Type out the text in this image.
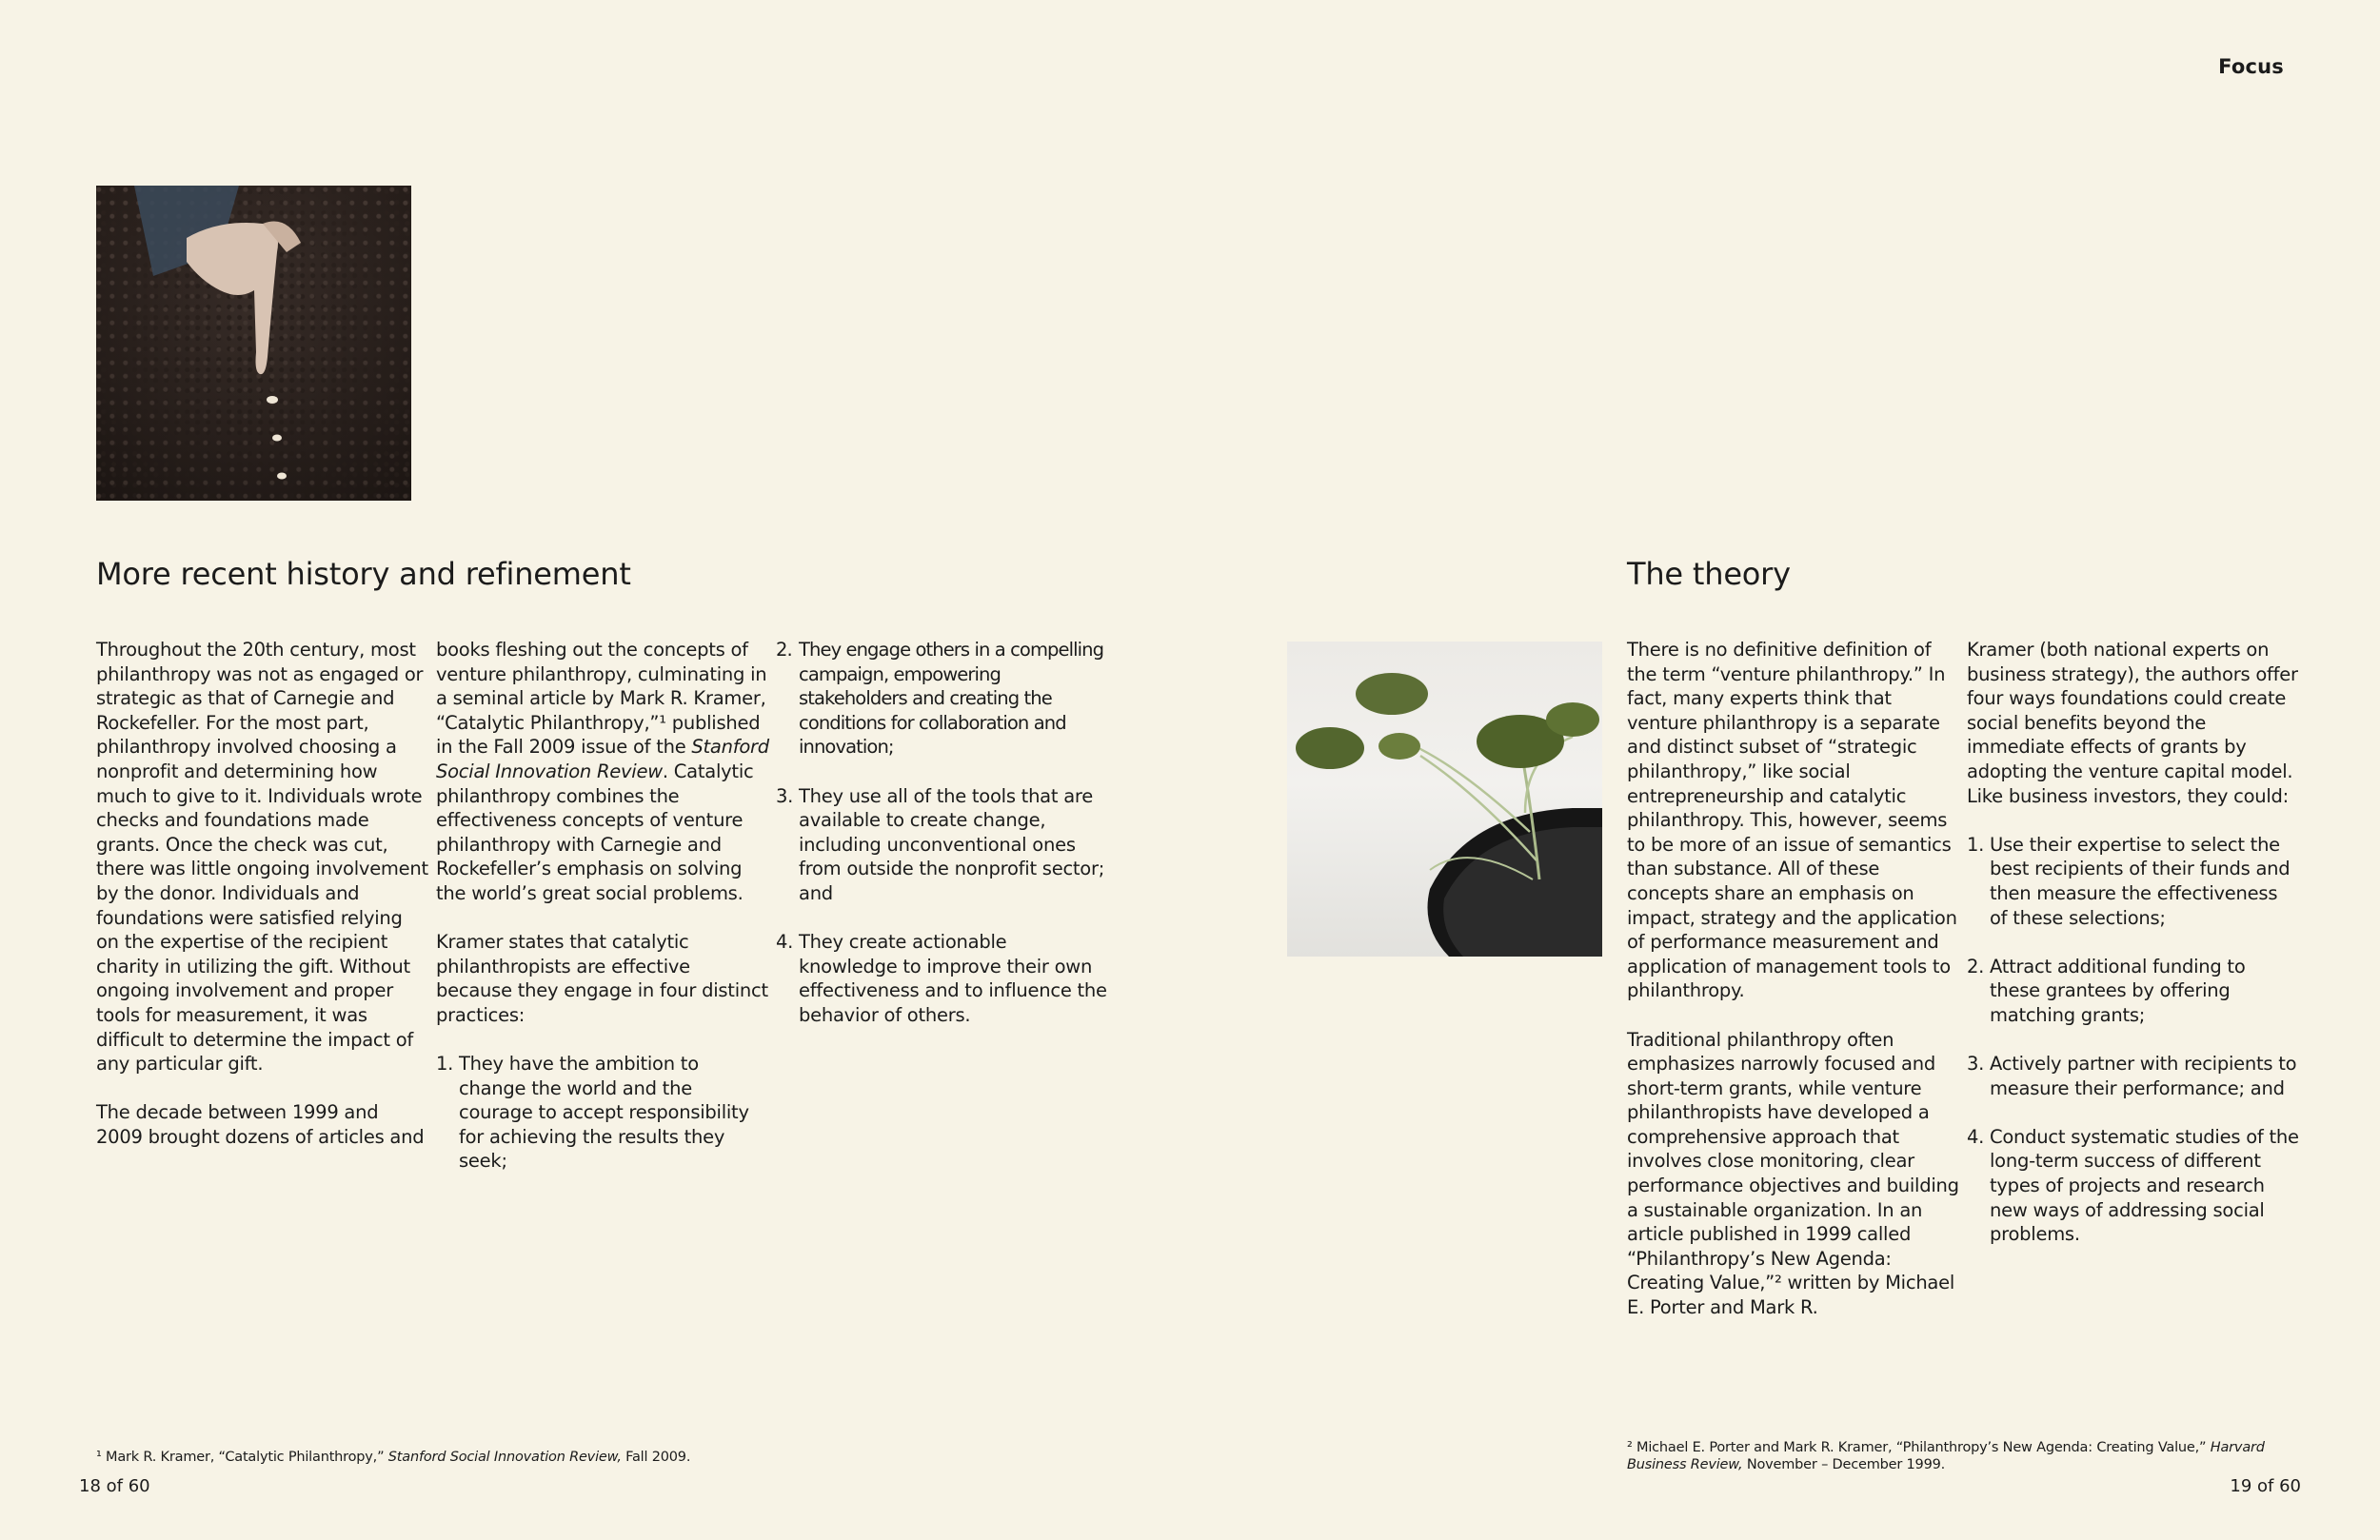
Focus
More recent history and refinement

Throughout the 20th century, most philanthropy was not as engaged or strategic as that of Carnegie and Rockefeller. For the most part, philanthropy involved choosing a nonprofit and determining how much to give to it. Individuals wrote checks and foundations made grants. Once the check was cut, there was little ongoing involvement by the donor. Individuals and foundations were satisfied relying on the expertise of the recipient charity in utilizing the gift. Without ongoing involvement and proper tools for measurement, it was difficult to determine the impact of any particular gift.

The decade between 1999 and 2009 brought dozens of articles and

books fleshing out the concepts of venture philanthropy, culminating in a seminal article by Mark R. Kramer, “Catalytic Philanthropy,”¹ published in the Fall 2009 issue of the Stanford Social Innovation Review. Catalytic philanthropy combines the effectiveness concepts of venture philanthropy with Carnegie and Rockefeller’s emphasis on solving the world’s great social problems.

Kramer states that catalytic philanthropists are effective because they engage in four distinct practices:

1. They have the ambition to change the world and the courage to accept responsibility for achieving the results they seek;
2. They engage others in a compelling campaign, empowering stakeholders and creating the conditions for collaboration and innovation;
3. They use all of the tools that are available to create change, including unconventional ones from outside the nonprofit sector; and
4. They create actionable knowledge to improve their own effectiveness and to influence the behavior of others.
¹ Mark R. Kramer, “Catalytic Philanthropy,” Stanford Social Innovation Review, Fall 2009.
18 of 60
The theory

There is no definitive definition of the term “venture philanthropy.” In fact, many experts think that venture philanthropy is a separate and distinct subset of “strategic philanthropy,” like social entrepreneurship and catalytic philanthropy. This, however, seems to be more of an issue of semantics than substance. All of these concepts share an emphasis on impact, strategy and the application of performance measurement and application of management tools to philanthropy.

Traditional philanthropy often emphasizes narrowly focused and short-term grants, while venture philanthropists have developed a comprehensive approach that involves close monitoring, clear performance objectives and building a sustainable organization. In an article published in 1999 called “Philanthropy’s New Agenda: Creating Value,”² written by Michael E. Porter and Mark R.

Kramer (both national experts on business strategy), the authors offer four ways foundations could create social benefits beyond the immediate effects of grants by adopting the venture capital model. Like business investors, they could:

1. Use their expertise to select the best recipients of their funds and then measure the effectiveness of these selections;
2. Attract additional funding to these grantees by offering matching grants;
3. Actively partner with recipients to measure their performance; and
4. Conduct systematic studies of the long-term success of different types of projects and research new ways of addressing social problems.
² Michael E. Porter and Mark R. Kramer, “Philanthropy’s New Agenda: Creating Value,” Harvard Business Review, November – December 1999.
19 of 60
